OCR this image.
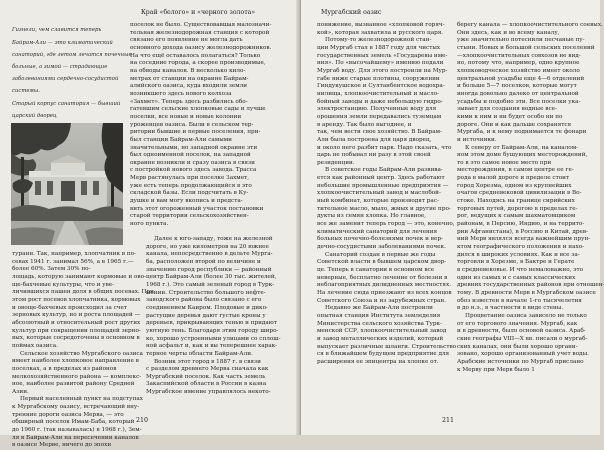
Край «белого» и «черного золота»

Гизнели, чем славится теперь

Байрам-Али — это климатический

санаторий, где летом лечатся почечные

больные, а зимой — страдающие

заболеваниями сердечно-сосудистой

системы.

Старый корпус санатория — бывший

царский дворец

поселок не было. Существовавшая малозначи-

тельная железнодорожная станция с которой

связано его появление не могла дать

основного дохода оазису железнодорожников.

На что ещё оставалось полагаться? Только

на соседние города, а скорее производимые,

на обводы каналов. В несколько кило-

метрах от станции на окраине Байрам-

алийского оазиса, куда входили земли

возникшего здесь нового колхоза

«Захмет». Теперь здесь разбились обо-

гатевшим сельские хлопковые сады и лучше

поселки, все новые и новые колонии

уроженцев оазиса. Были в сельском тер-

ритории бывшие и первые поселения, при-

был станции Байрам-Али самыми

значительными, но западной окраине эти

был одноименной поселок, на западной

окраине возникли и сразу оазиса в связи

с постройкой нового здесь завода. Трасса

Мерв растянулась при поселке Захмет,

уже есть теперь продолжающийся в это

складской базы. Если подсчитать в Ку-

душке и вам могу вкопись и предста-

вить этот огороженный участок постановки

старой территории сельскохозяйствен-

ного пункта.

туранн. Так, например, хлопчатник в по-

севах 1941 г. занимал 56%, а в 1965 г.—

более 60%. Затем 30% по-

лощадь, которую занимают кормовые и ово-

ще-бахчевые культуры, что и уве-

личившихся пашен доля в общих посевах. При

этом рост посевов хлопчатника, кормовых

и овоще-бахчевых происходил за счет

зерновых культур, но и роста площадей —

абсолютный и относительный рост других

культур при сокращении площадей зерно-

вых, которые сосредоточены в основном в

поймах оазиса.

Сельское хозяйство Мургабского оазиса

имеет наиболее хлопковое направление в

поселках, а в пределах из районов

мелкохозяйственного района — комплекс-

ное, наиболее развитой району Средней

Азии.

Первый населенный пункт на подступах

к Мургабскому оазису, встречающий вну-

тренние дороги оазиса Мерва, — это

обширный поселок Имам-Баба, который

до 1960 г. (так называлась) в 1968 г.), Зем-

ля в Байрам-Али на пересечении каналов

в оазисе Мерве, ничего до эпохи

Далее к юго-западу, тоже на железной

дороге, но уже километров на 20 южнее

канала, непосредственно в дельте Мурга-

ба, расположен второй по величине и

значению город республики — районный

центр Байрам-Али (более 30 тыс. жителей,

1968 г.). Это самый зеленый город в Турк-

мении. Строительство большого нефте-

заводского района было связано с его

соединением Каиром. Плодовые и дико-

растущие деревья дают густые кроны у

деревьев, прикрывающих тенью и придают

уютную тень. Благодаря этим городу широ-

ко, хорошо устроенными улицами со сплош-

ной асфальт и, как и вы теперешнее харак-

терное черты области Байрам-Али.

Возник этот город в 1887 г. в связи

с разделом древнего Мерва сначала как

Мургабский поселок. Как часть земель

Закаспийской области в России в казна

Мургабское имение управлялось некото-

210
Мургабский оазис

понижение, вызванное «хлопковой горяч-

кой», которая захватила и русского царя.

Потому-то железнодорожной стан-

ции Мургаб стал в 1887 году для чистых

государственных земель «Государевы име-

ния». По «высочайшему» имению подали

Мургаб воду. Для этого построили на Мур-

габе ниже старые плотины, сооружении

Гиндукушское и Султанбентское водохра-

нилища, хлопкоочистительный и масло-

бойный заводы и даже небольшую гидро-

электростанцию. Полученные воду для

орошения земли передавались туземцам

в аренду. Так было выгоднее, и

так, чем вести свое хозяйство. В Байрам-

Али была построена для царя дворец,

и около него разбит парк. Надо сказать, что

царь не побывал ни разу в этой своей

резиденции.

В советское годы Байрам-Али развива-

ется как районный центр. Здесь работают

небольшие промышленные предприятия —

хлопкоочистительный завод и маслобой-

ный комбинат, которые производят рас-

тительное масло, мыло, жмых и другие про-

дукты из семян хлопка. Но главное,

все же заменит теперь город — это, конечно,

климатический санаторий для лечения

больных почечно-болезнями почек и вер-

дечно-сосудистыми заболеваниями почек.

Санаторий создан в первые же годы

Советской власти в бывшем царском двор-

це. Теперь в санатории в основном все

неверные, бесплатно лечение от болезни в

неблагоприятных дилидненных местностях.

На лечение сюда приезжают из всех концов

Советского Союза и из зарубежных стран.

Недавно же Байрам-Али построили

опытная станция Института земледелия

Министерства сельского хозяйства Турк-

менской ССР, хлопкоочистительный завод

и завод металлических изделий, который

выпускает различные шланги. Строительство

ся в ближайшем будущем предприятие для

расширения ее эпицентра на хлопке от.

берегу канала — хлопкоочистительного соевых.

Они здесь, как и во всему каналу,

уже значительно потеснили песчаные пу-

стыни. Новых и большой сельских поселений

—хлопкоочистительных совхозов не вид-

но, потому что, например, одно крупное

хлопководческое хозяйство имеет около

центральной усадьбы еще 4—6 отделений

и больше 5—7 поселков, которые могут

иногда довольно далеко от центральной

усадьбы и подобно эти. Все поселки ука-

зывает для создания водные все-

кими к ним и ни будет особо ни по

дороге. Они и как дальше сохранятся

Мургаба, и к нему поднимается те фонари

и источники.

К северу от Байрам-Али, на каналом-

ном этом доме бушующих месторождений,

то в это самое новое место при

месторождения, в самом центре ее ге-

рода в малой дороге и пределе стоит

город Хорезма, одном из крупнейших

очагов средневековой цивилизации в Во-

стоке. Находясь на границе сирийских

торговых путей, дорогою в пределах ге-

рог, ведущих к самым шахматовщиком

районам, в Персию, Индию, и на террито-

рии Афганистана), в Россию и Китай, древ-

ний Мерв являлся всегда важнейшим прун-

ктом географического положения и нахо-

дился в широких условиях. Как и все за-

торговли в Хорезме, в Бактре и Герате

в средневековье. И что немаловажно, это

один из самых и с самых классических

древних государственных районов при отношен-

тому. В древности Мерв в Мургабском оазисе

обоз известен в начале 1-го тысячелетия

в до н.э., в частности в виде стены.

Процветание оазиса зависело не только

от его торгового значения. Мургаб, как

и в древности, было основой оазиса. Араб-

ские географы VIII—X вв. писали о мургаб-

ских каналах, они были хорошо органи-

зовано, хорошо организованный учет воды.

Арабские источники по Мургаб прислано

к Мерву при Мерв было 1

211
